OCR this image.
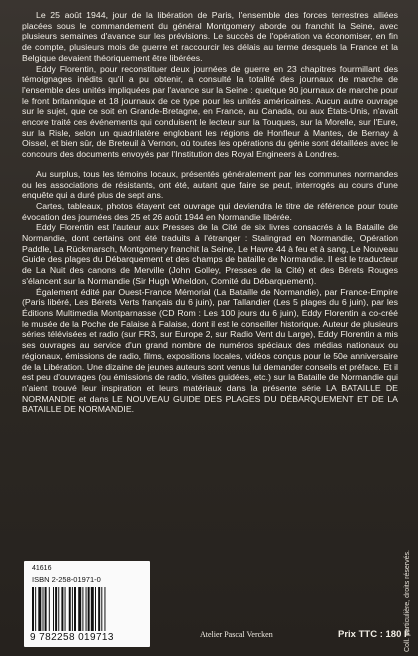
Le 25 août 1944, jour de la libération de Paris, l'ensemble des forces terrestres alliées placées sous le commandement du général Montgomery aborde ou franchit la Seine, avec plusieurs semaines d'avance sur les prévisions. Le succès de l'opération va économiser, en fin de compte, plusieurs mois de guerre et raccourcir les délais au terme desquels la France et la Belgique devaient théoriquement être libérées.

Eddy Florentin, pour reconstituer deux journées de guerre en 23 chapitres fourmillant des témoignages inédits qu'il a pu obtenir, a consulté la totalité des journaux de marche de l'ensemble des unités impliquées par l'avance sur la Seine : quelque 90 journaux de marche pour le front britannique et 18 journaux de ce type pour les unités américaines. Aucun autre ouvrage sur le sujet, que ce soit en Grande-Bretagne, en France, au Canada, ou aux États-Unis, n'avait encore traité ces événements qui conduisent le lecteur sur la Touques, sur la Morelle, sur l'Eure, sur la Risle, selon un quadrilatère englobant les régions de Honfleur à Mantes, de Bernay à Oissel, et bien sûr, de Breteuil à Vernon, où toutes les opérations du génie sont détaillées avec le concours des documents envoyés par l'Institution des Royal Engineers à Londres.

Au surplus, tous les témoins locaux, présentés généralement par les communes normandes ou les associations de résistants, ont été, autant que faire se peut, interrogés au cours d'une enquête qui a duré plus de sept ans.

Cartes, tableaux, photos étayent cet ouvrage qui deviendra le titre de référence pour toute évocation des journées des 25 et 26 août 1944 en Normandie libérée.

Eddy Florentin est l'auteur aux Presses de la Cité de six livres consacrés à la Bataille de Normandie, dont certains ont été traduits à l'étranger : Stalingrad en Normandie, Opération Paddle, La Rückmarsch, Montgomery franchit la Seine, Le Havre 44 à feu et à sang, Le Nouveau Guide des plages du Débarquement et des champs de bataille de Normandie. Il est le traducteur de La Nuit des canons de Merville (John Golley, Presses de la Cité) et des Bérets Rouges s'élancent sur la Normandie (Sir Hugh Wheldon, Comité du Débarquement).

Également édité par Ouest-France Mémorial (La Bataille de Normandie), par France-Empire (Paris libéré, Les Bérets Verts français du 6 juin), par Tallandier (Les 5 plages du 6 juin), par les Éditions Multimedia Montparnasse (CD Rom : Les 100 jours du 6 juin), Eddy Florentin a co-créé le musée de la Poche de Falaise à Falaise, dont il est le conseiller historique. Auteur de plusieurs séries télévisées et radio (sur FR3, sur Europe 2, sur Radio Vent du Large), Eddy Florentin a mis ses ouvrages au service d'un grand nombre de numéros spéciaux des médias nationaux ou régionaux, émissions de radio, films, expositions locales, vidéos conçus pour le 50e anniversaire de la Libération. Une dizaine de jeunes auteurs sont venus lui demander conseils et préface. Et il est peu d'ouvrages (ou émissions de radio, visites guidées, etc.) sur la Bataille de Normandie qui n'aient trouvé leur inspiration et leurs matériaux dans la présente série LA BATAILLE DE NORMANDIE et dans LE NOUVEAU GUIDE DES PLAGES DU DÉBARQUEMENT ET DE LA BATAILLE DE NORMANDIE.

41616
ISBN 2-258-01971-0
9 782258 019713	Atelier Pascal Vercken	Prix TTC : 180 F
Coll. particulière, droits réservés.
